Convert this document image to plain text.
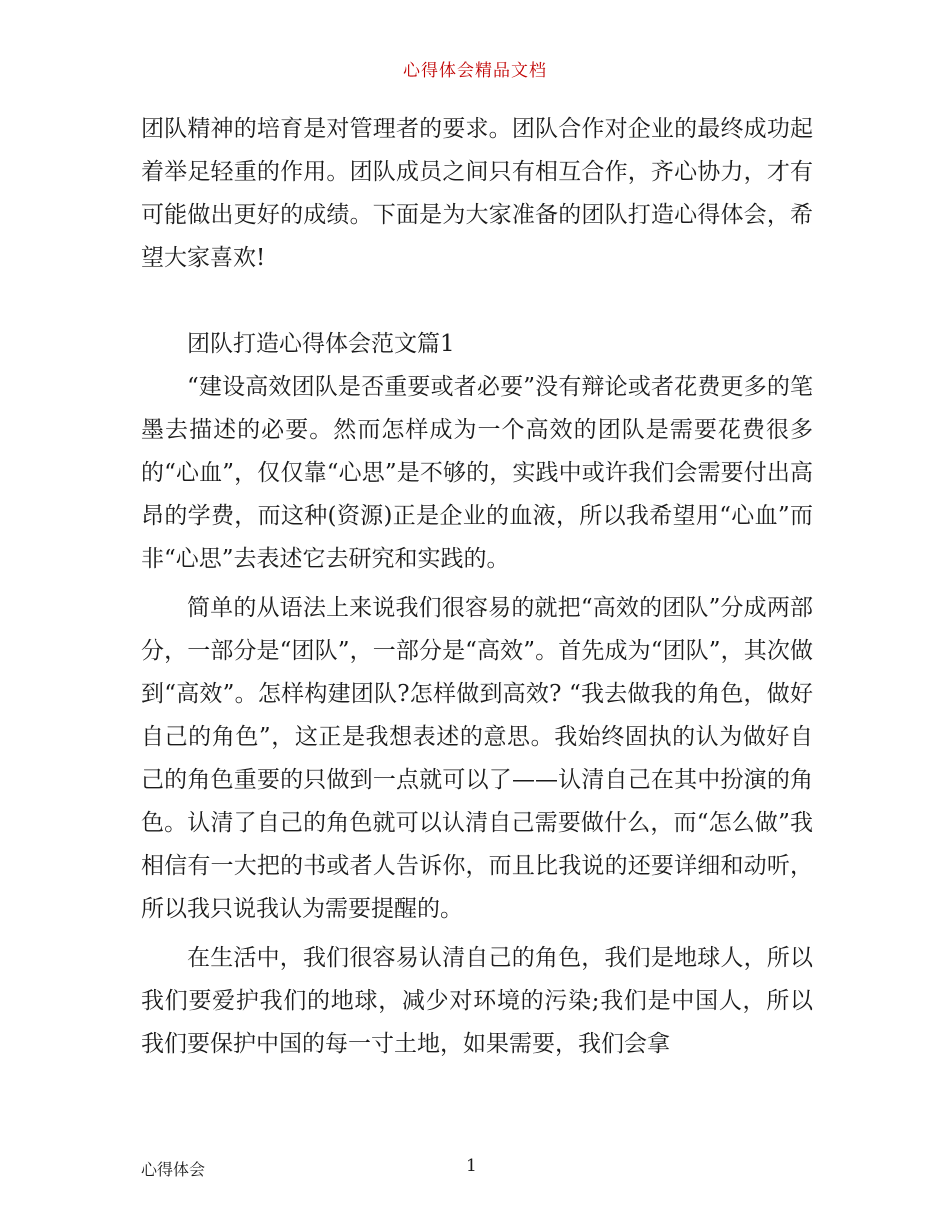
心得体会精品文档

团队精神的培育是对管理者的要求。团队合作对企业的最终成功起着举足轻重的作用。团队成员之间只有相互合作，齐心协力，才有可能做出更好的成绩。下面是为大家准备的团队打造心得体会，希望大家喜欢!

团队打造心得体会范文篇1

“建设高效团队是否重要或者必要”没有辩论或者花费更多的笔墨去描述的必要。然而怎样成为一个高效的团队是需要花费很多的“心血”，仅仅靠“心思”是不够的，实践中或许我们会需要付出高昂的学费，而这种(资源)正是企业的血液，所以我希望用“心血”而非“心思”去表述它去研究和实践的。

简单的从语法上来说我们很容易的就把“高效的团队”分成两部分，一部分是“团队”，一部分是“高效”。首先成为“团队”，其次做到“高效”。怎样构建团队?怎样做到高效? “我去做我的角色，做好自己的角色”，这正是我想表述的意思。我始终固执的认为做好自己的角色重要的只做到一点就可以了——认清自己在其中扮演的角色。认清了自己的角色就可以认清自己需要做什么，而“怎么做”我相信有一大把的书或者人告诉你，而且比我说的还要详细和动听，所以我只说我认为需要提醒的。

在生活中，我们很容易认清自己的角色，我们是地球人，所以我们要爱护我们的地球，减少对环境的污染;我们是中国人，所以我们要保护中国的每一寸土地，如果需要，我们会拿

心得体会	1
